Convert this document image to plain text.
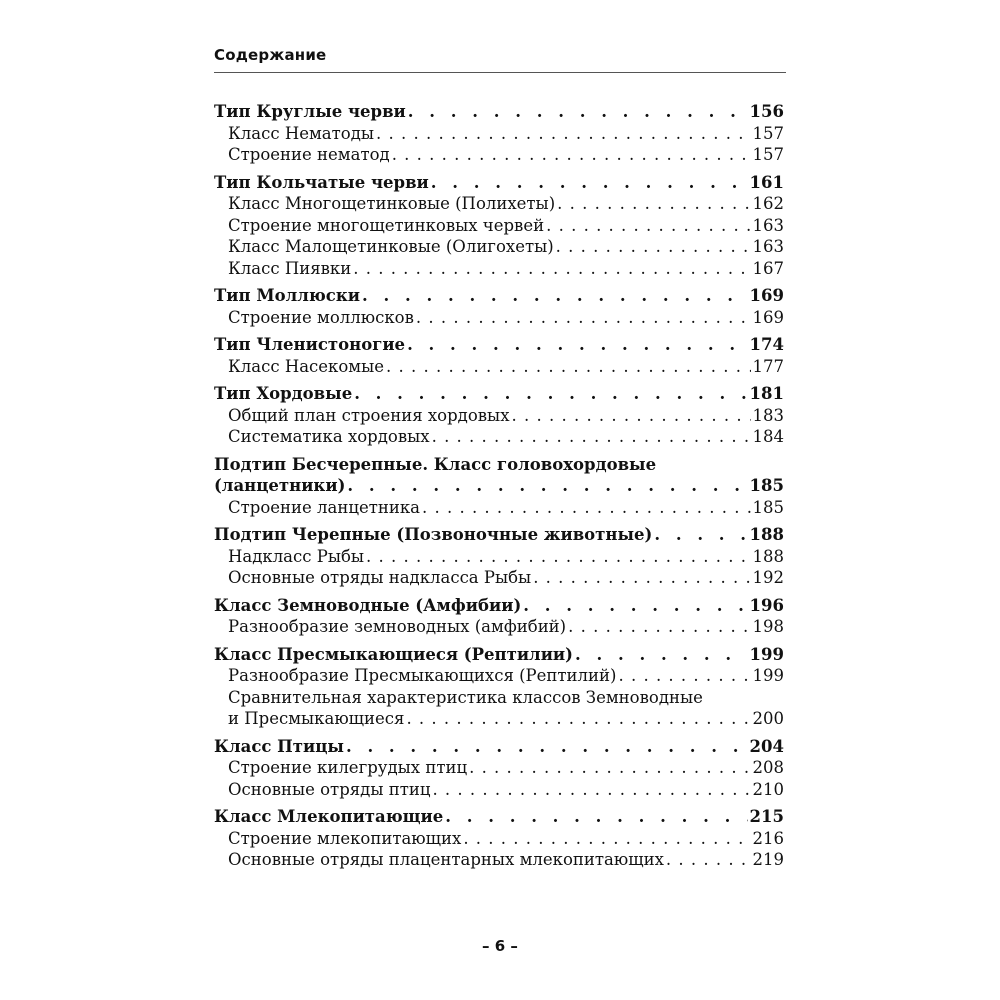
Содержание
Тип Круглые черви . . .	156
Класс Нематоды . . .	157
Строение нематод . . .	157
Тип Кольчатые черви . . .	161
Класс Многощетинковые (Полихеты) . . .	162
Строение многощетинковых червей . . .	163
Класс Малощетинковые (Олигохеты) . . .	163
Класс Пиявки . . .	167
Тип Моллюски . . .	169
Строение моллюсков . . .	169
Тип Членистоногие . . .	174
Класс Насекомые . . .	177
Тип Хордовые . . .	181
Общий план строения хордовых . . .	183
Систематика хордовых . . .	184
Подтип Бесчерепные. Класс головохордовые
(ланцетники) . . .	185
Строение ланцетника . . .	185
Подтип Черепные (Позвоночные животные) . . .	188
Надкласс Рыбы . . .	188
Основные отряды надкласса Рыбы . . .	192
Класс Земноводные (Амфибии) . . .	196
Разнообразие земноводных (амфибий) . . .	198
Класс Пресмыкающиеся (Рептилии) . . .	199
Разнообразие Пресмыкающихся (Рептилий) . . .	199
Сравнительная характеристика классов Земноводные
и Пресмыкающиеся . . .	200
Класс Птицы . . .	204
Строение килегрудых птиц . . .	208
Основные отряды птиц . . .	210
Класс Млекопитающие . . .	215
Строение млекопитающих . . .	216
Основные отряды плацентарных млекопитающих . . .	219
– 6 –
